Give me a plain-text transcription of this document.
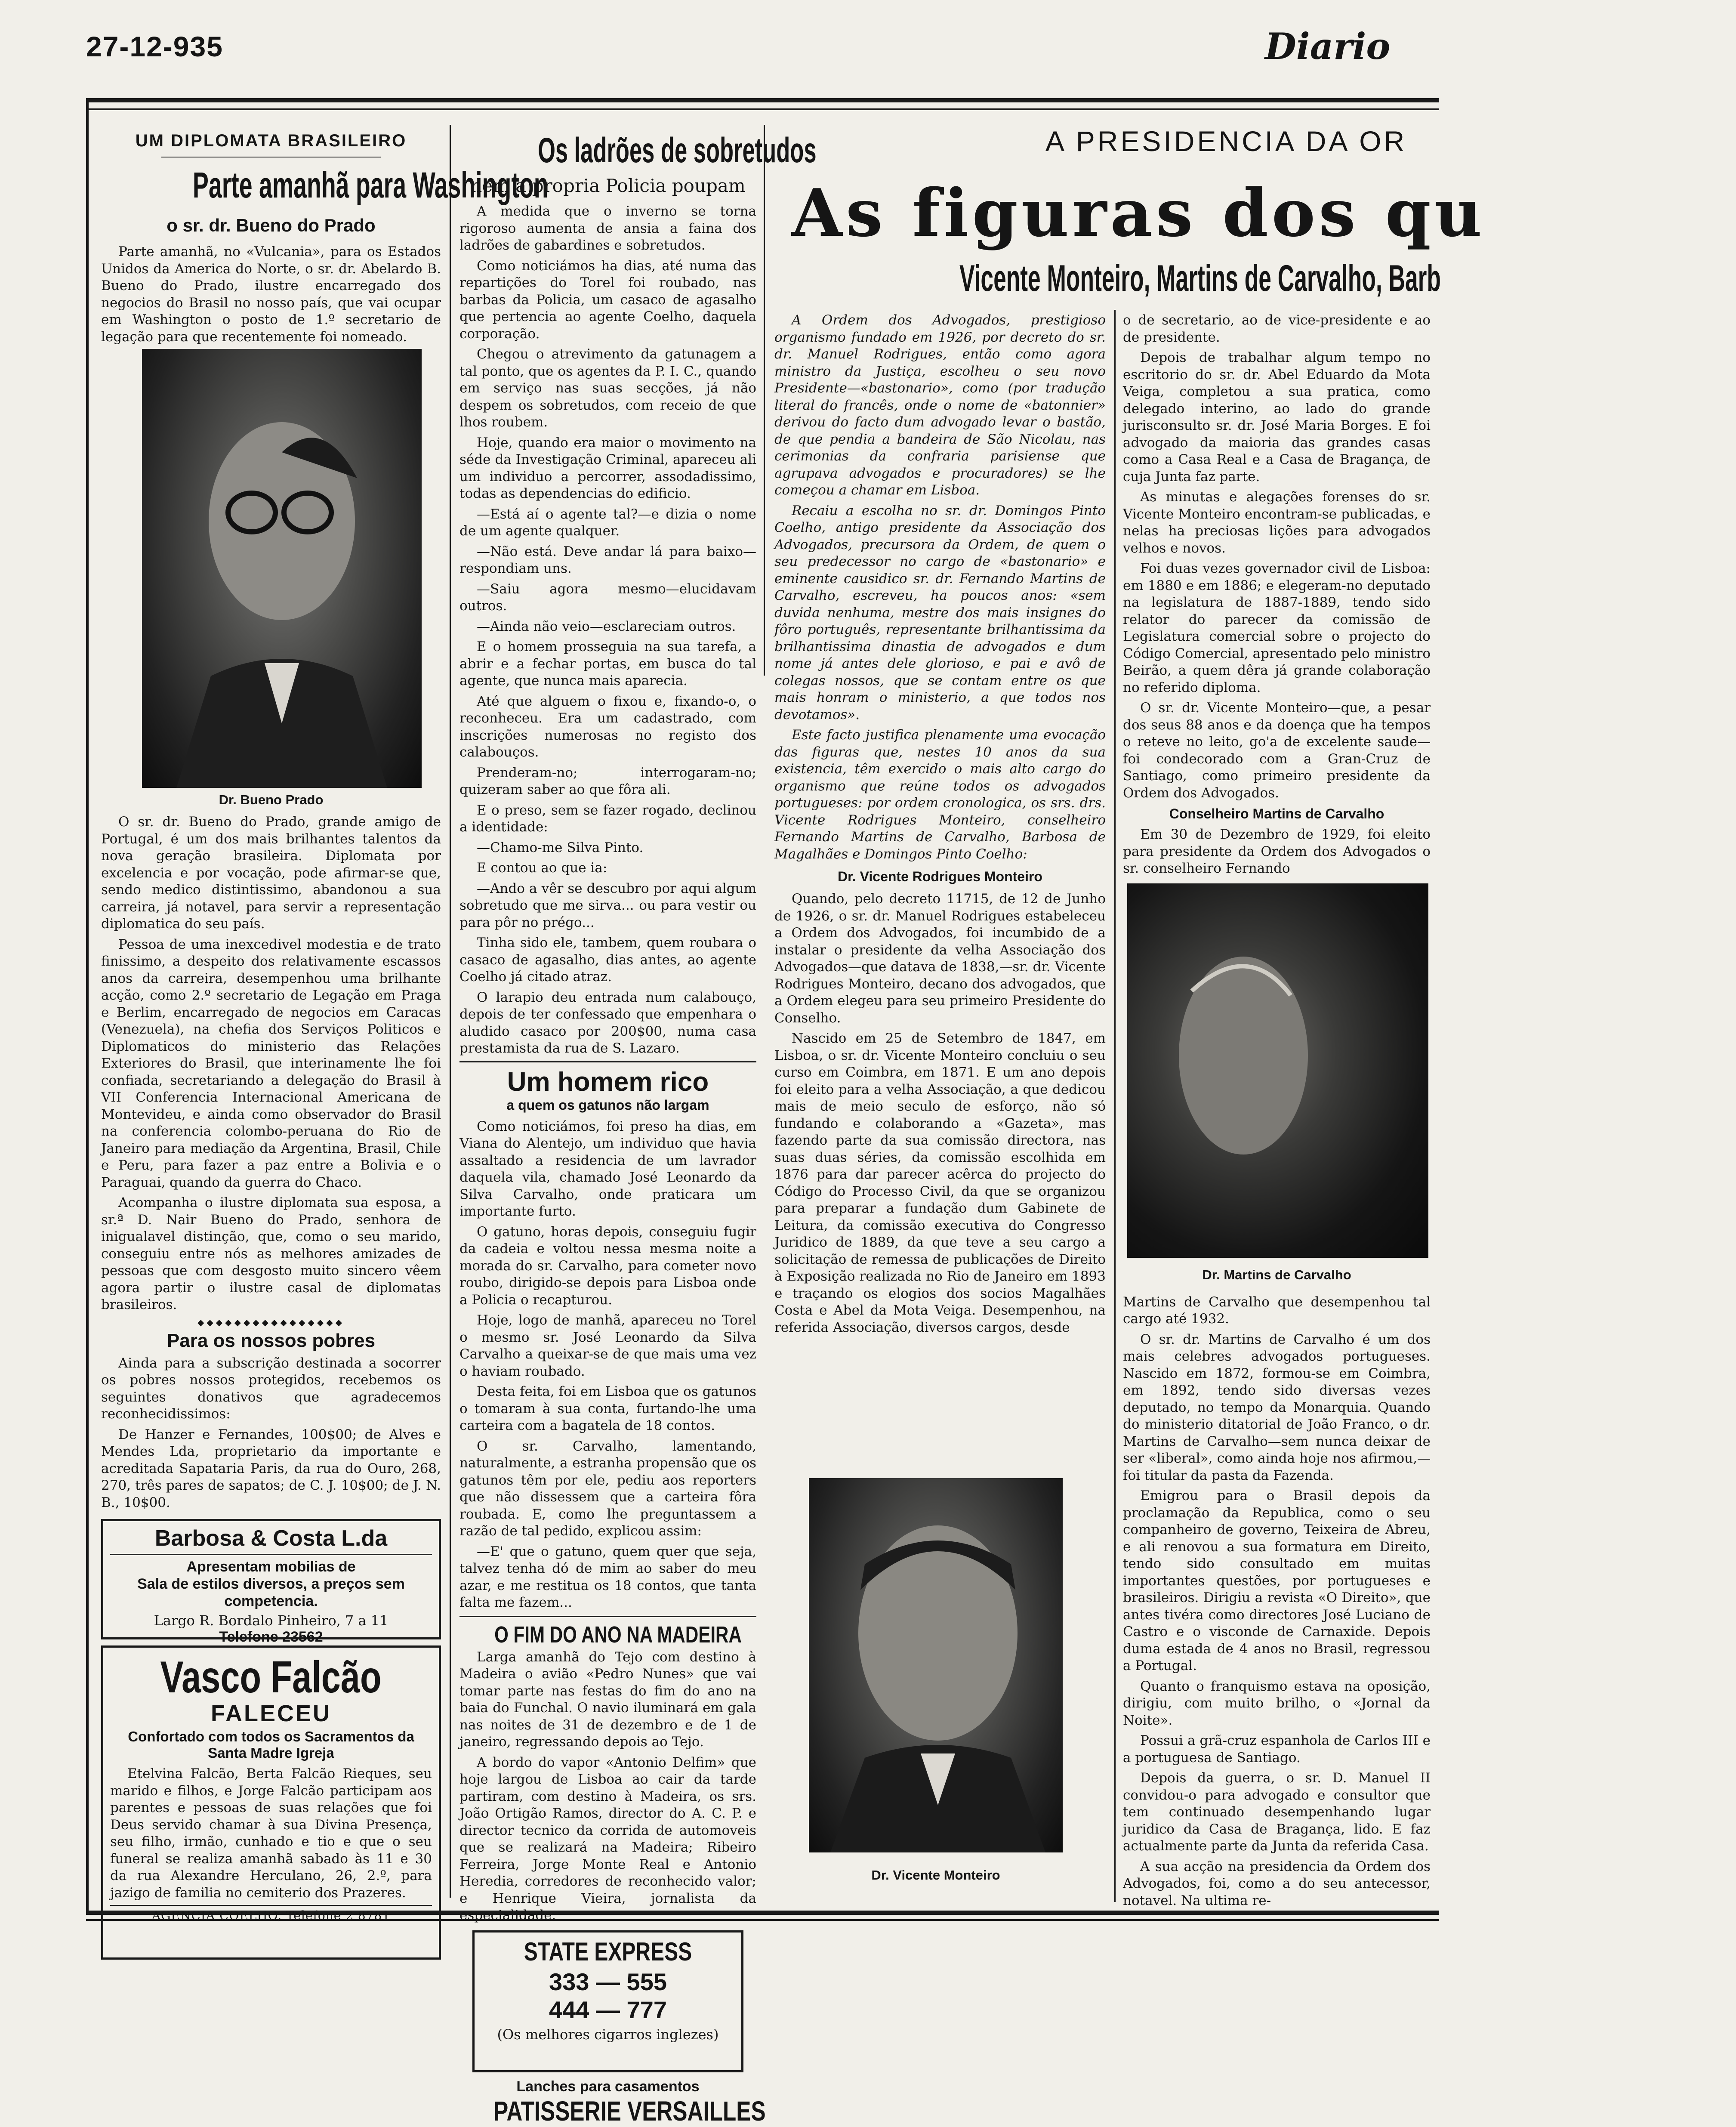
27-12-935	Diario
UM DIPLOMATA BRASILEIRO
Parte amanhã para Washington
o sr. dr. Bueno do Prado

Parte amanhã, no «Vulcania», para os Estados Unidos da America do Norte, o sr. dr. Abelardo B. Bueno do Prado, ilustre encarregado dos negocios do Brasil no nosso país, que vai ocupar em Washington o posto de 1.º secretario de legação para que recentemente foi nomeado.

Dr. Bueno Prado

O sr. dr. Bueno do Prado, grande amigo de Portugal, é um dos mais brilhantes talentos da nova geração brasileira. Diplomata por excelencia e por vocação, pode afirmar-se que, sendo medico distintissimo, abandonou a sua carreira, já notavel, para servir a representação diplomatica do seu país.

Pessoa de uma inexcedivel modestia e de trato finissimo, a despeito dos relativamente escassos anos da carreira, desempenhou uma brilhante acção, como 2.º secretario de Legação em Praga e Berlim, encarregado de negocios em Caracas (Venezuela), na chefia dos Serviços Politicos e Diplomaticos do ministerio das Relações Exteriores do Brasil, que interinamente lhe foi confiada, secretariando a delegação do Brasil à VII Conferencia Internacional Americana de Montevideu, e ainda como observador do Brasil na conferencia colombo-peruana do Rio de Janeiro para mediação da Argentina, Brasil, Chile e Peru, para fazer a paz entre a Bolivia e o Paraguai, quando da guerra do Chaco.

Acompanha o ilustre diplomata sua esposa, a sr.ª D. Nair Bueno do Prado, senhora de inigualavel distinção, que, como o seu marido, conseguiu entre nós as melhores amizades de pessoas que com desgosto muito sincero vêem agora partir o ilustre casal de diplomatas brasileiros.

◆◆◆◆◆◆◆◆◆◆◆◆◆◆◆◆
Para os nossos pobres

Ainda para a subscrição destinada a socorrer os pobres nossos protegidos, recebemos os seguintes donativos que agradecemos reconhecidissimos:

De Hanzer e Fernandes, 100$00; de Alves e Mendes Lda, proprietario da importante e acreditada Sapataria Paris, da rua do Ouro, 268, 270, três pares de sapatos; de C. J. 10$00; de J. N. B., 10$00.

Barbosa & Costa L.da
Apresentam mobilias de
Sala de estilos diversos, a preços sem competencia.
Largo R. Bordalo Pinheiro, 7 a 11
Telefone 23562
Vasco Falcão
FALECEU
Confortado com todos os Sacramentos da Santa Madre Igreja

Etelvina Falcão, Berta Falcão Rieques, seu marido e filhos, e Jorge Falcão participam aos parentes e pessoas de suas relações que foi Deus servido chamar à sua Divina Presença, seu filho, irmão, cunhado e tio e que o seu funeral se realiza amanhã sabado às 11 e 30 da rua Alexandre Herculano, 26, 2.º, para jazigo de familia no cemiterio dos Prazeres.

AGENCIA COELHO, Telefone 2 8781
Os ladrões de sobretudos
nem a propria Policia poupam

A medida que o inverno se torna rigoroso aumenta de ansia a faina dos ladrões de gabardines e sobretudos.

Como noticiámos ha dias, até numa das repartições do Torel foi roubado, nas barbas da Policia, um casaco de agasalho que pertencia ao agente Coelho, daquela corporação.

Chegou o atrevimento da gatunagem a tal ponto, que os agentes da P. I. C., quando em serviço nas suas secções, já não despem os sobretudos, com receio de que lhos roubem.

Hoje, quando era maior o movimento na séde da Investigação Criminal, apareceu ali um individuo a percorrer, assodadissimo, todas as dependencias do edificio.

—Está aí o agente tal?—e dizia o nome de um agente qualquer.

—Não está. Deve andar lá para baixo—respondiam uns.

—Saiu agora mesmo—elucidavam outros.

—Ainda não veio—esclareciam outros.

E o homem prosseguia na sua tarefa, a abrir e a fechar portas, em busca do tal agente, que nunca mais aparecia.

Até que alguem o fixou e, fixando-o, o reconheceu. Era um cadastrado, com inscrições numerosas no registo dos calabouços.

Prenderam-no; interrogaram-no; quizeram saber ao que fôra ali.

E o preso, sem se fazer rogado, declinou a identidade:

—Chamo-me Silva Pinto.

E contou ao que ia:

—Ando a vêr se descubro por aqui algum sobretudo que me sirva... ou para vestir ou para pôr no prégo...

Tinha sido ele, tambem, quem roubara o casaco de agasalho, dias antes, ao agente Coelho já citado atraz.

O larapio deu entrada num calabouço, depois de ter confessado que empenhara o aludido casaco por 200$00, numa casa prestamista da rua de S. Lazaro.

Um homem rico
a quem os gatunos não largam

Como noticiámos, foi preso ha dias, em Viana do Alentejo, um individuo que havia assaltado a residencia de um lavrador daquela vila, chamado José Leonardo da Silva Carvalho, onde praticara um importante furto.

O gatuno, horas depois, conseguiu fugir da cadeia e voltou nessa mesma noite a morada do sr. Carvalho, para cometer novo roubo, dirigido-se depois para Lisboa onde a Policia o recapturou.

Hoje, logo de manhã, apareceu no Torel o mesmo sr. José Leonardo da Silva Carvalho a queixar-se de que mais uma vez o haviam roubado.

Desta feita, foi em Lisboa que os gatunos o tomaram à sua conta, furtando-lhe uma carteira com a bagatela de 18 contos.

O sr. Carvalho, lamentando, naturalmente, a estranha propensão que os gatunos têm por ele, pediu aos reporters que não dissessem que a carteira fôra roubada. E, como lhe preguntassem a razão de tal pedido, explicou assim:

—E' que o gatuno, quem quer que seja, talvez tenha dó de mim ao saber do meu azar, e me restitua os 18 contos, que tanta falta me fazem...

O FIM DO ANO NA MADEIRA

Larga amanhã do Tejo com destino à Madeira o avião «Pedro Nunes» que vai tomar parte nas festas do fim do ano na baia do Funchal. O navio iluminará em gala nas noites de 31 de dezembro e de 1 de janeiro, regressando depois ao Tejo.

A bordo do vapor «Antonio Delfim» que hoje largou de Lisboa ao cair da tarde partiram, com destino à Madeira, os srs. João Ortigão Ramos, director do A. C. P. e director tecnico da corrida de automoveis que se realizará na Madeira; Ribeiro Ferreira, Jorge Monte Real e Antonio Heredia, corredores de reconhecido valor; e Henrique Vieira, jornalista da especialidade.

STATE EXPRESS
333 — 555
444 — 777
(Os melhores cigarros inglezes)
Lanches para casamentos
PATISSERIE VERSAILLES
A PRESIDENCIA DA OR
As figuras dos qu
Vicente Monteiro, Martins de Carvalho, Barb

A Ordem dos Advogados, prestigioso organismo fundado em 1926, por decreto do sr. dr. Manuel Rodrigues, então como agora ministro da Justiça, escolheu o seu novo Presidente—«bastonario», como (por tradução literal do francês, onde o nome de «batonnier» derivou do facto dum advogado levar o bastão, de que pendia a bandeira de São Nicolau, nas cerimonias da confraria parisiense que agrupava advogados e procuradores) se lhe começou a chamar em Lisboa.

Recaiu a escolha no sr. dr. Domingos Pinto Coelho, antigo presidente da Associação dos Advogados, precursora da Ordem, de quem o seu predecessor no cargo de «bastonario» e eminente causidico sr. dr. Fernando Martins de Carvalho, escreveu, ha poucos anos: «sem duvida nenhuma, mestre dos mais insignes do fôro português, representante brilhantissima da brilhantissima dinastia de advogados e dum nome já antes dele glorioso, e pai e avô de colegas nossos, que se contam entre os que mais honram o ministerio, a que todos nos devotamos».

Este facto justifica plenamente uma evocação das figuras que, nestes 10 anos da sua existencia, têm exercido o mais alto cargo do organismo que reúne todos os advogados portugueses: por ordem cronologica, os srs. drs. Vicente Rodrigues Monteiro, conselheiro Fernando Martins de Carvalho, Barbosa de Magalhães e Domingos Pinto Coelho:

Dr. Vicente Rodrigues Monteiro

Quando, pelo decreto 11715, de 12 de Junho de 1926, o sr. dr. Manuel Rodrigues estabeleceu a Ordem dos Advogados, foi incumbido de a instalar o presidente da velha Associação dos Advogados—que datava de 1838,—sr. dr. Vicente Rodrigues Monteiro, decano dos advogados, que a Ordem elegeu para seu primeiro Presidente do Conselho.

Nascido em 25 de Setembro de 1847, em Lisboa, o sr. dr. Vicente Monteiro concluiu o seu curso em Coimbra, em 1871. E um ano depois foi eleito para a velha Associação, a que dedicou mais de meio seculo de esforço, não só fundando e colaborando a «Gazeta», mas fazendo parte da sua comissão directora, nas suas duas séries, da comissão escolhida em 1876 para dar parecer acêrca do projecto do Código do Processo Civil, da que se organizou para preparar a fundação dum Gabinete de Leitura, da comissão executiva do Congresso Juridico de 1889, da que teve a seu cargo a solicitação de remessa de publicações de Direito à Exposição realizada no Rio de Janeiro em 1893 e traçando os elogios dos socios Magalhães Costa e Abel da Mota Veiga. Desempenhou, na referida Associação, diversos cargos, desde

Dr. Vicente Monteiro

o de secretario, ao de vice-presidente e ao de presidente.

Depois de trabalhar algum tempo no escritorio do sr. dr. Abel Eduardo da Mota Veiga, completou a sua pratica, como delegado interino, ao lado do grande jurisconsulto sr. dr. José Maria Borges. E foi advogado da maioria das grandes casas como a Casa Real e a Casa de Bragança, de cuja Junta faz parte.

As minutas e alegações forenses do sr. Vicente Monteiro encontram-se publicadas, e nelas ha preciosas lições para advogados velhos e novos.

Foi duas vezes governador civil de Lisboa: em 1880 e em 1886; e elegeram-no deputado na legislatura de 1887-1889, tendo sido relator do parecer da comissão de Legislatura comercial sobre o projecto do Código Comercial, apresentado pelo ministro Beirão, a quem dêra já grande colaboração no referido diploma.

O sr. dr. Vicente Monteiro—que, a pesar dos seus 88 anos e da doença que ha tempos o reteve no leito, go'a de excelente saude—foi condecorado com a Gran-Cruz de Santiago, como primeiro presidente da Ordem dos Advogados.

Conselheiro Martins de Carvalho

Em 30 de Dezembro de 1929, foi eleito para presidente da Ordem dos Advogados o sr. conselheiro Fernando

Dr. Martins de Carvalho

Martins de Carvalho que desempenhou tal cargo até 1932.

O sr. dr. Martins de Carvalho é um dos mais celebres advogados portugueses. Nascido em 1872, formou-se em Coimbra, em 1892, tendo sido diversas vezes deputado, no tempo da Monarquia. Quando do ministerio ditatorial de João Franco, o dr. Martins de Carvalho—sem nunca deixar de ser «liberal», como ainda hoje nos afirmou,—foi titular da pasta da Fazenda.

Emigrou para o Brasil depois da proclamação da Republica, como o seu companheiro de governo, Teixeira de Abreu, e ali renovou a sua formatura em Direito, tendo sido consultado em muitas importantes questões, por portugueses e brasileiros. Dirigiu a revista «O Direito», que antes tivéra como directores José Luciano de Castro e o visconde de Carnaxide. Depois duma estada de 4 anos no Brasil, regressou a Portugal.

Quanto o franquismo estava na oposição, dirigiu, com muito brilho, o «Jornal da Noite».

Possui a grã-cruz espanhola de Carlos III e a portuguesa de Santiago.

Depois da guerra, o sr. D. Manuel II convidou-o para advogado e consultor que tem continuado desempenhando lugar juridico da Casa de Bragança, lido. E faz actualmente parte da Junta da referida Casa.

A sua acção na presidencia da Ordem dos Advogados, foi, como a do seu antecessor, notavel. Na ultima re-
